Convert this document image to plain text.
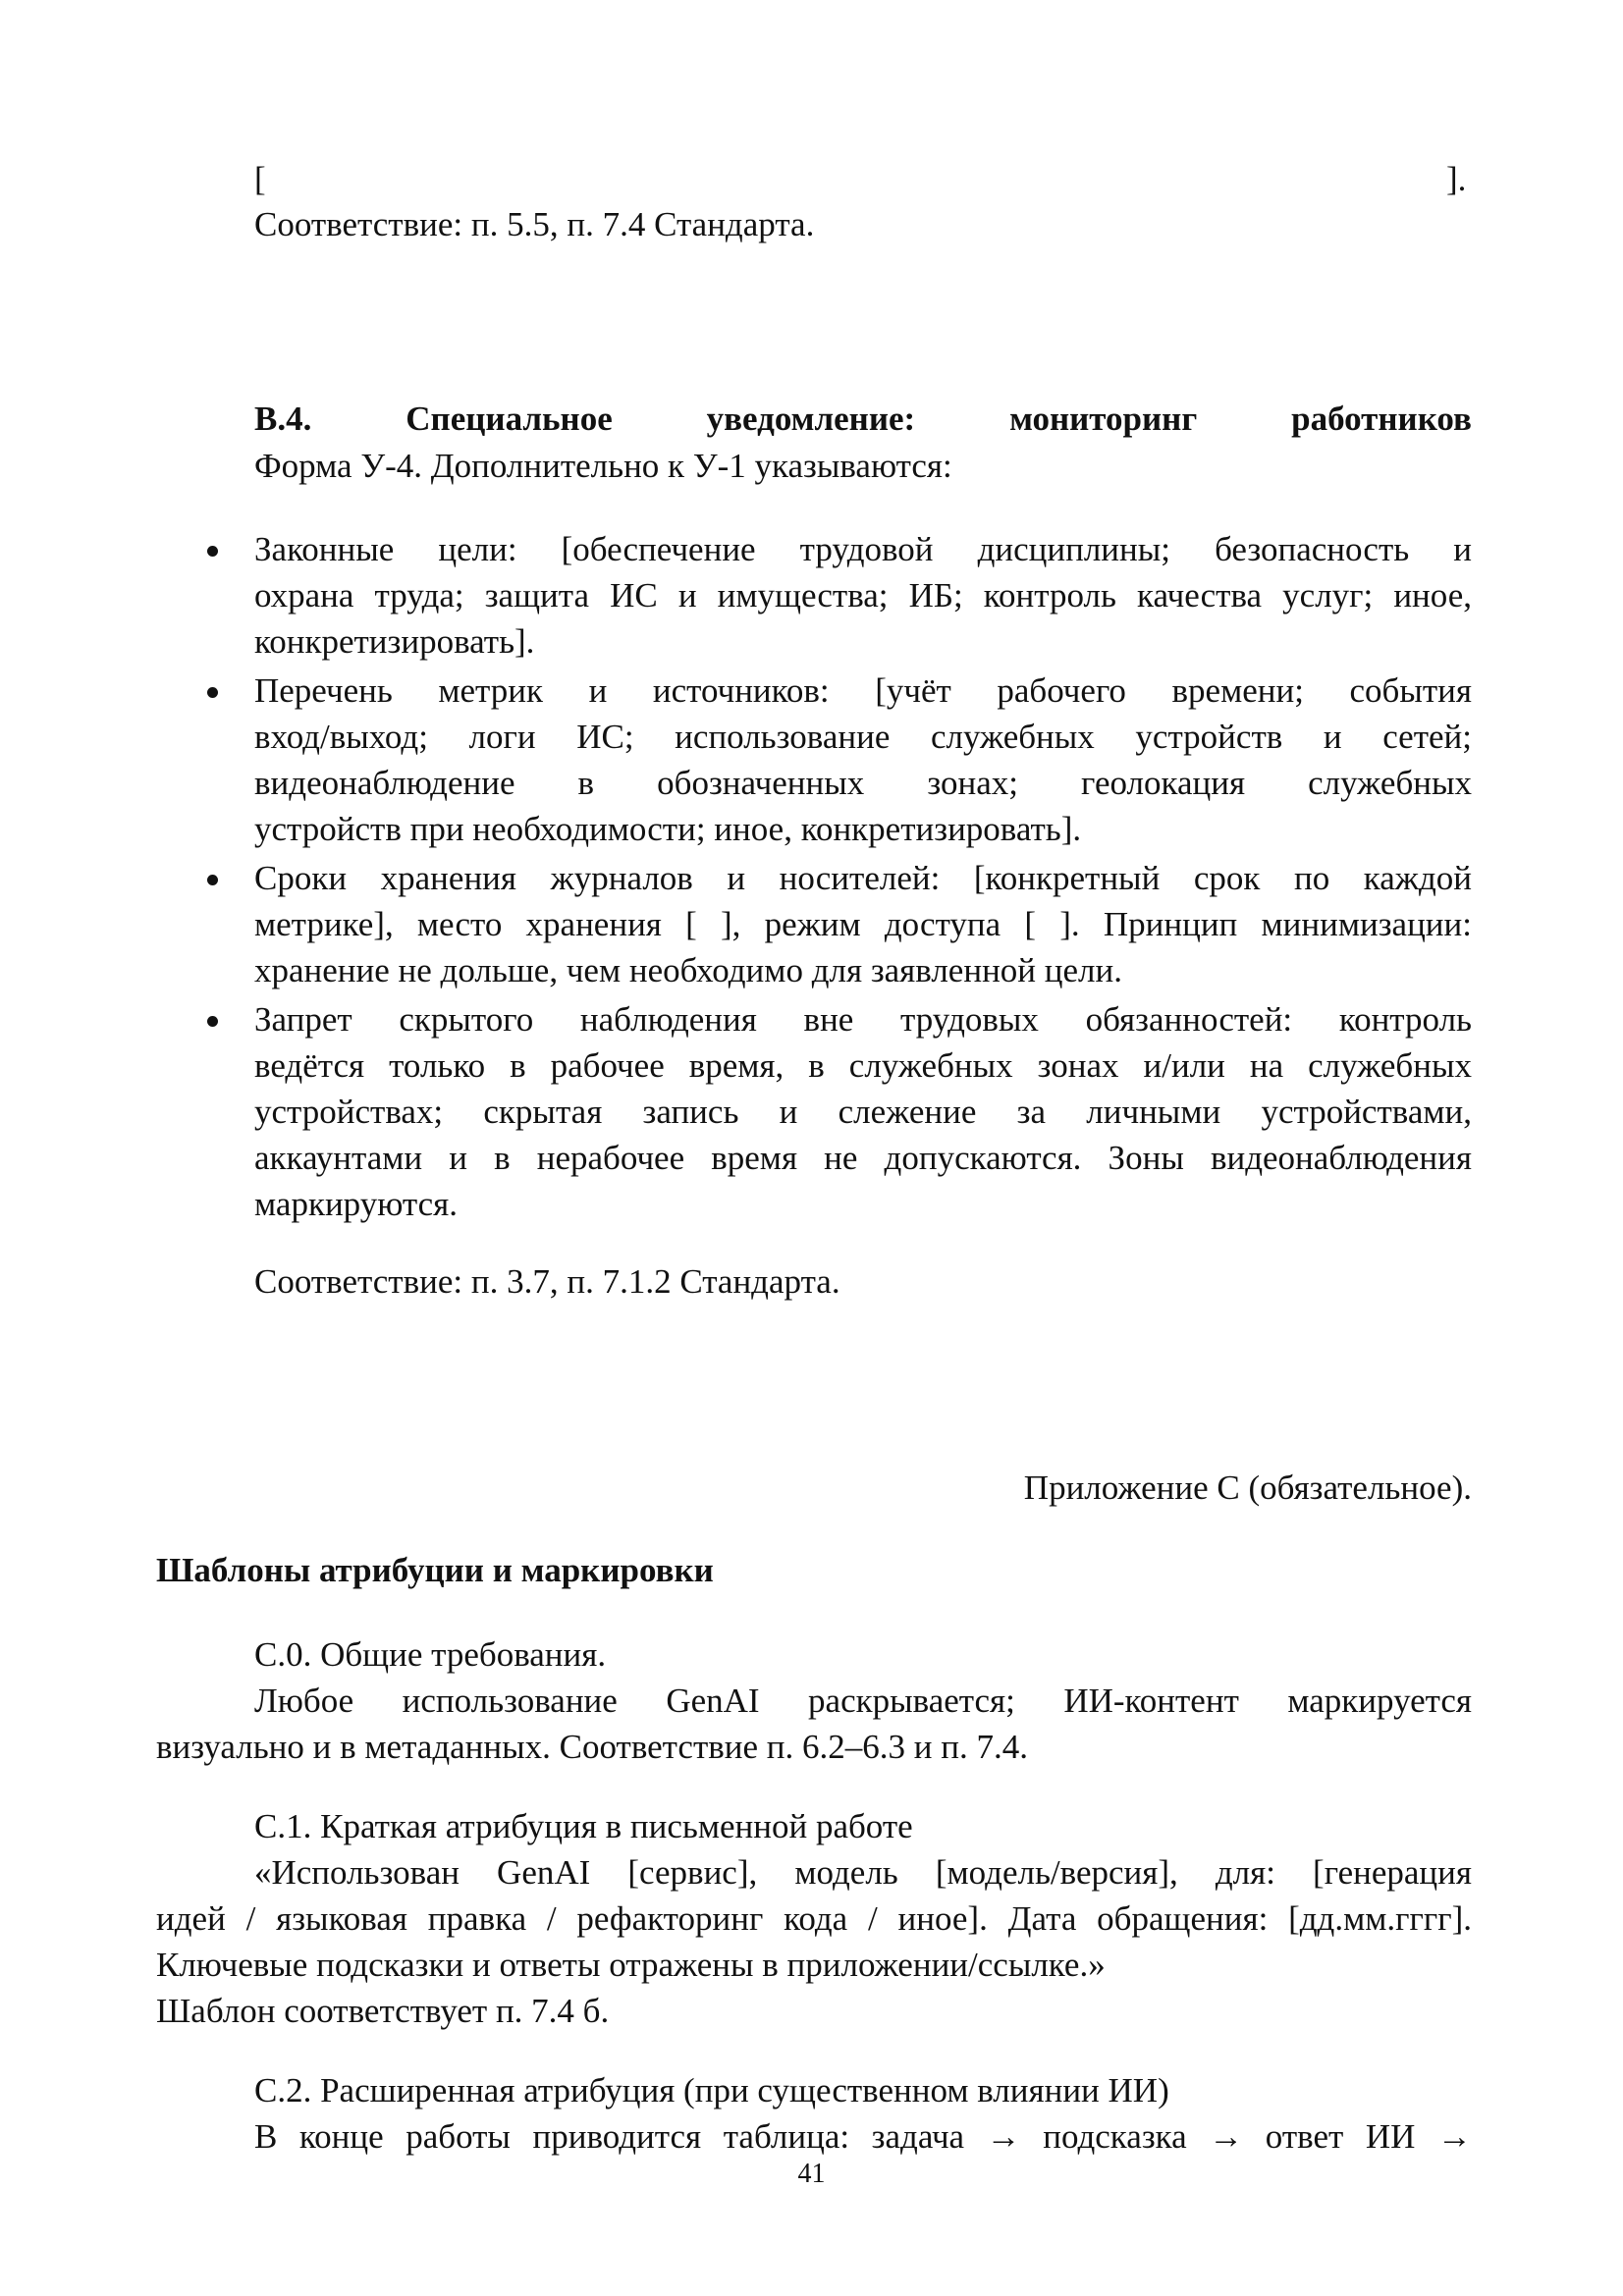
[	].
Соответствие: п. 5.5, п. 7.4 Стандарта.
В.4.	Специальное	уведомление:	мониторинг	работников
Форма У-4. Дополнительно к У-1 указываются:
Законные цели: [обеспечение трудовой дисциплины; безопасность и
охрана труда; защита ИС и имущества; ИБ; контроль качества услуг; иное,
конкретизировать].
Перечень метрик и источников: [учёт рабочего времени; события
вход/выход; логи ИС; использование служебных устройств и сетей;
видеонаблюдение в обозначенных зонах; геолокация служебных
устройств при необходимости; иное, конкретизировать].
Сроки хранения журналов и носителей: [конкретный срок по каждой
метрике], место хранения [ ], режим доступа [ ]. Принцип минимизации:
хранение не дольше, чем необходимо для заявленной цели.
Запрет скрытого наблюдения вне трудовых обязанностей: контроль
ведётся только в рабочее время, в служебных зонах и/или на служебных
устройствах; скрытая запись и слежение за личными устройствами,
аккаунтами и в нерабочее время не допускаются. Зоны видеонаблюдения
маркируются.
Соответствие: п. 3.7, п. 7.1.2 Стандарта.
Приложение С (обязательное).
Шаблоны атрибуции и маркировки
С.0. Общие требования.
Любое использование GenAI раскрывается; ИИ-контент маркируется
визуально и в метаданных. Соответствие п. 6.2–6.3 и п. 7.4.
С.1. Краткая атрибуция в письменной работе
«Использован GenAI [сервис], модель [модель/версия], для: [генерация
идей / языковая правка / рефакторинг кода / иное]. Дата обращения: [дд.мм.гггг].
Ключевые подсказки и ответы отражены в приложении/ссылке.»
Шаблон соответствует п. 7.4 б.
С.2. Расширенная атрибуция (при существенном влиянии ИИ)
В конце работы приводится таблица: задача → подсказка → ответ ИИ →
41
